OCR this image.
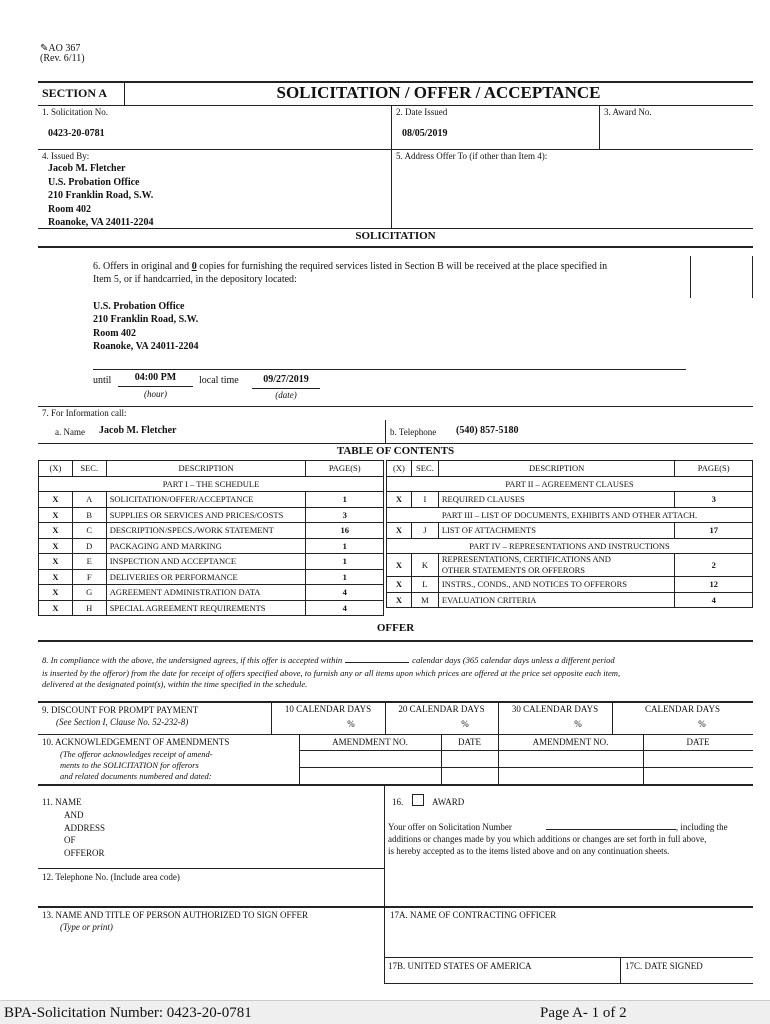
✎AO 367
(Rev. 6/11)
SECTION A	SOLICITATION / OFFER / ACCEPTANCE
1. Solicitation No.
0423-20-0781
2. Date Issued
08/05/2019
3. Award No.
4. Issued By:
Jacob M. Fletcher
U.S. Probation Office
210 Franklin Road, S.W.
Room 402
Roanoke, VA 24011-2204
5. Address Offer To (if other than Item 4):
SOLICITATION
6. Offers in original and 0 copies for furnishing the required services listed in Section B will be received at the place specified in
Item 5, or if handcarried, in the depository located:
U.S. Probation Office
210 Franklin Road, S.W.
Room 402
Roanoke, VA 24011-2204
until	04:00 PM
(hour)
local time	09/27/2019
(date)
7. For Information call:
a. Name Jacob M. Fletcher	b. Telephone (540) 857-5180
TABLE OF CONTENTS
(X)	SEC.	DESCRIPTION	PAGE(S)
PART I – THE SCHEDULE			
X	A	SOLICITATION/OFFER/ACCEPTANCE	1
X	B	SUPPLIES OR SERVICES AND PRICES/COSTS	3
X	C	DESCRIPTION/SPECS./WORK STATEMENT	16
X	D	PACKAGING AND MARKING	1
X	E	INSPECTION AND ACCEPTANCE	1
X	F	DELIVERIES OR PERFORMANCE	1
X	G	AGREEMENT ADMINISTRATION DATA	4
X	H	SPECIAL AGREEMENT REQUIREMENTS	4
(X)	SEC.	DESCRIPTION	PAGE(S)
PART II – AGREEMENT CLAUSES			
X	I	REQUIRED CLAUSES	3
PART III – LIST OF DOCUMENTS, EXHIBITS AND OTHER ATTACH.			
X	J	LIST OF ATTACHMENTS	17
PART IV – REPRESENTATIONS AND INSTRUCTIONS			
X	K	REPRESENTATIONS, CERTIFICATIONS AND
OTHER STATEMENTS OR OFFERORS	2

X	L	INSTRS., CONDS., AND NOTICES TO OFFERORS	12
X	M	EVALUATION CRITERIA	4
OFFER
8. In compliance with the above, the undersigned agrees, if this offer is accepted within	calendar days (365 calendar days unless a different period
is inserted by the offeror) from the date for receipt of offers specified above, to furnish any or all items upon which prices are offered at the price set opposite each item,
delivered at the designated point(s), within the time specified in the schedule.
9. DISCOUNT FOR PROMPT PAYMENT
(See Section I, Clause No. 52-232-8)
10 CALENDAR DAYS	20 CALENDAR DAYS	30 CALENDAR DAYS	CALENDAR DAYS
%	%	%	%
10. ACKNOWLEDGEMENT OF AMENDMENTS
(The offeror acknowledges receipt of amend-
ments to the SOLICITATION for offerors
and related documents numbered and dated:
AMENDMENT NO.	DATE	AMENDMENT NO.	DATE
11. NAME
AND
ADDRESS
OF
OFFEROR
16.	AWARD
Your offer on Solicitation Number	, including the
additions or changes made by you which additions or changes are set forth in full above,
is hereby accepted as to the items listed above and on any continuation sheets.
12. Telephone No. (Include area code)
13. NAME AND TITLE OF PERSON AUTHORIZED TO SIGN OFFER
(Type or print)
17A. NAME OF CONTRACTING OFFICER
17B. UNITED STATES OF AMERICA	17C. DATE SIGNED
BPA-Solicitation Number: 0423-20-0781	Page A- 1 of 2
